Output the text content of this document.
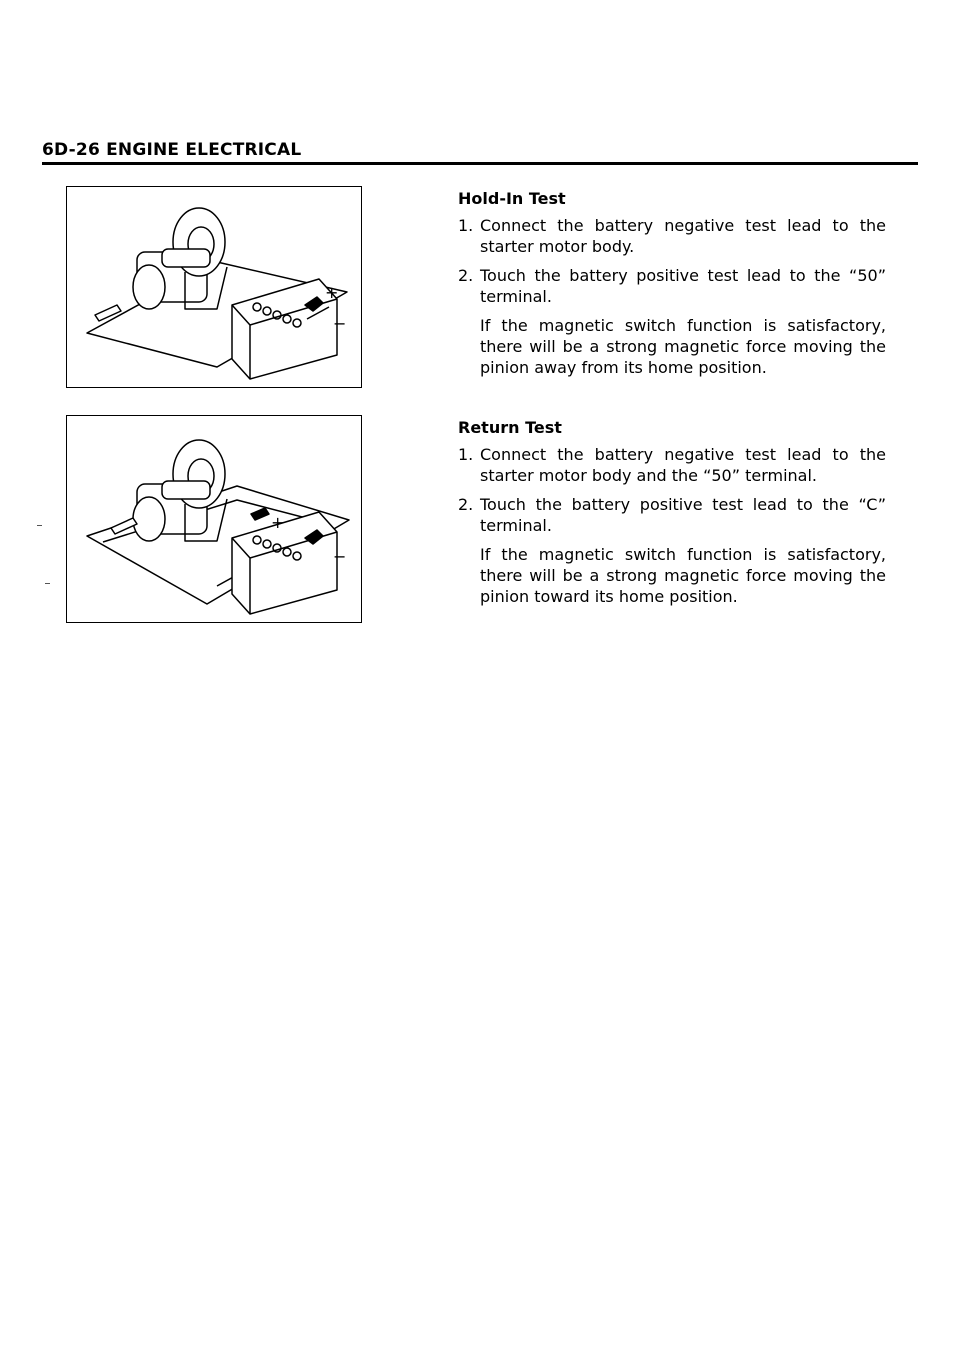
6D-26 ENGINE ELECTRICAL
+
−
+
−
Hold-In Test
1. Connect the battery negative test lead to the starter motor body.
2. Touch the battery positive test lead to the “50” terminal.
If the magnetic switch function is satisfactory, there will be a strong magnetic force moving the pinion away from its home position.
Return Test
1. Connect the battery negative test lead to the starter motor body and the “50” terminal.
2. Touch the battery positive test lead to the “C” terminal.
If the magnetic switch function is satisfactory, there will be a strong magnetic force moving the pinion toward its home position.
